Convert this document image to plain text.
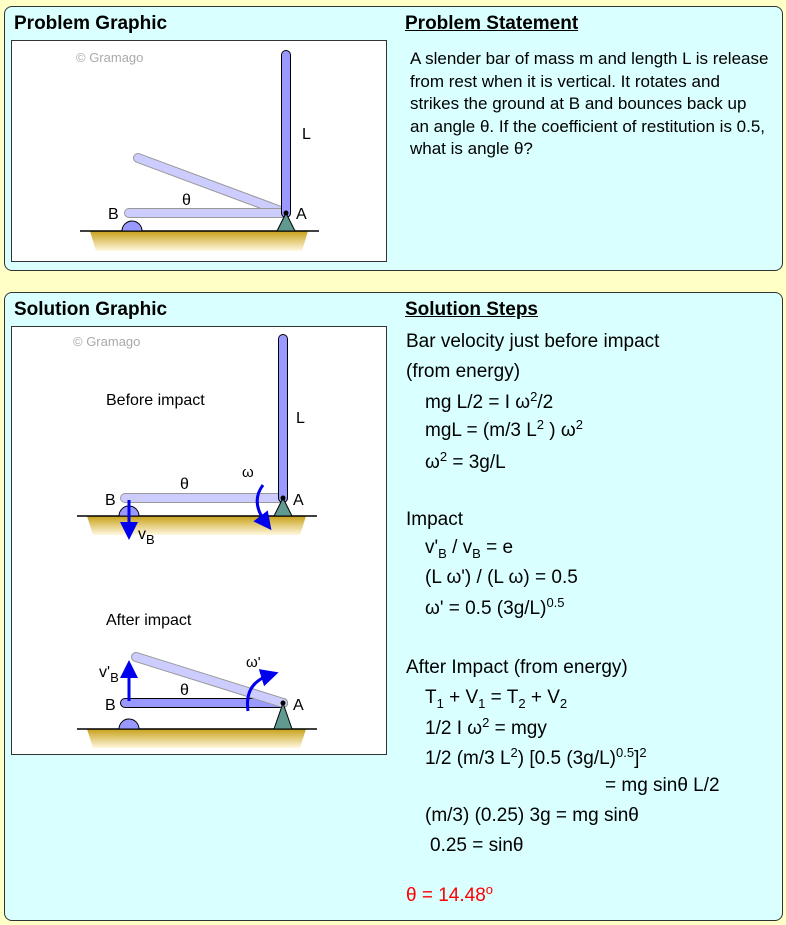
Problem Graphic	Problem Statement
© Gramago
L
θ
B	A
A slender bar of mass m and length L is release from rest when it is vertical. It rotates and strikes the ground at B and bounces back up an angle θ. If the coefficient of restitution is 0.5, what is angle θ?
Solution Graphic	Solution Steps
© Gramago
Before impact
L
θ
ω
B	A
$v_B$
After impact
θ
ω'
B	A
$v'_B$
Bar velocity just before impact
(from energy)
mg L/2 = I $\omega^2/2$
mgL = (m/3 $L^2$ ) $\omega^2$
$\omega^2 = 3g/L$
Impact
$v'_B / v_B = e$
(L ω') / (L ω) = 0.5
ω' = 0.5 $(3g/L)^{0.5}$
After Impact (from energy)
$T_1 + V_1 = T_2 + V_2$
1/2 I $\omega^2$ = mgy
1/2 (m/3 $L^2$) [0.5 $(3g/L)^{0.5}]^2$
= mg sinθ L/2
(m/3) (0.25) 3g = mg sinθ
0.25 = sinθ
$\theta = 14.48^o$
